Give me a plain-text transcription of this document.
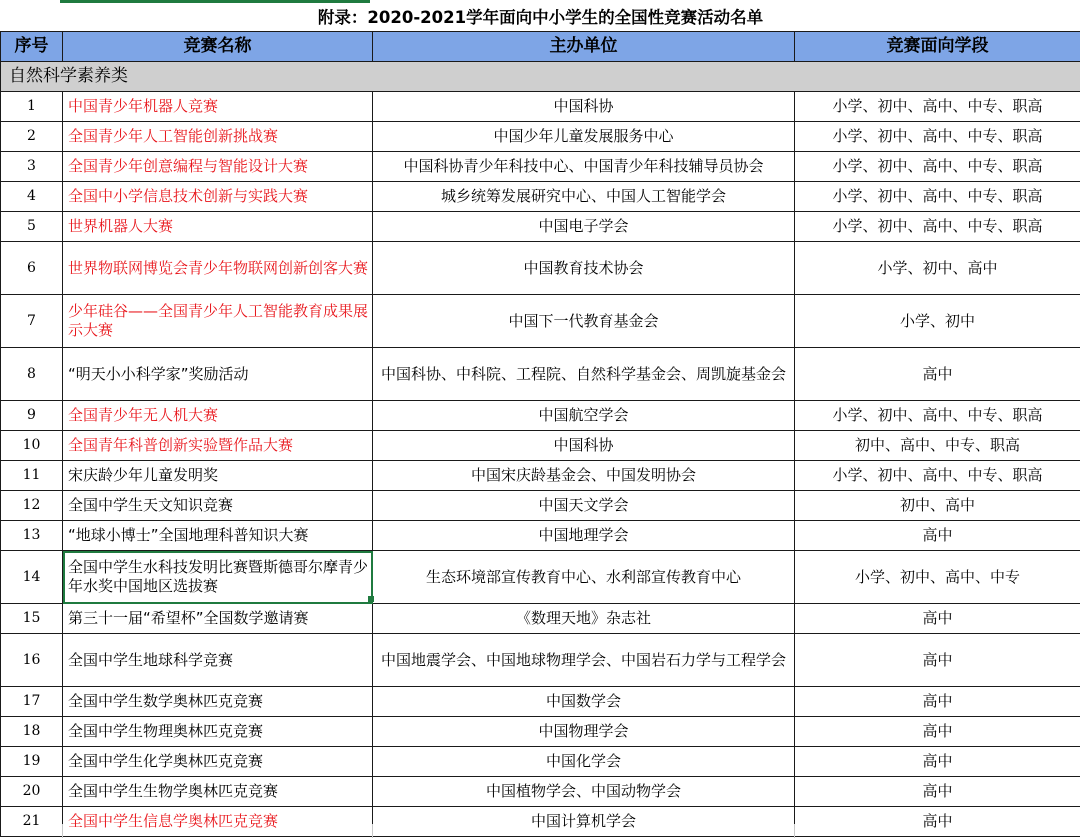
附录：2020-2021学年面向中小学生的全国性竞赛活动名单			
序号	竞赛名称	主办单位	竞赛面向学段
自然科学素养类			
1	中国青少年机器人竞赛	中国科协	小学、初中、高中、中专、职高
2	全国青少年人工智能创新挑战赛	中国少年儿童发展服务中心	小学、初中、高中、中专、职高
3	全国青少年创意编程与智能设计大赛	中国科协青少年科技中心、中国青少年科技辅导员协会	小学、初中、高中、中专、职高
4	全国中小学信息技术创新与实践大赛	城乡统筹发展研究中心、中国人工智能学会	小学、初中、高中、中专、职高
5	世界机器人大赛	中国电子学会	小学、初中、高中、中专、职高
6	世界物联网博览会青少年物联网创新创客大赛	中国教育技术协会	小学、初中、高中
7	少年硅谷——全国青少年人工智能教育成果展示大赛	中国下一代教育基金会	小学、初中
8	“明天小小科学家”奖励活动	中国科协、中科院、工程院、自然科学基金会、周凯旋基金会	高中
9	全国青少年无人机大赛	中国航空学会	小学、初中、高中、中专、职高
10	全国青年科普创新实验暨作品大赛	中国科协	初中、高中、中专、职高
11	宋庆龄少年儿童发明奖	中国宋庆龄基金会、中国发明协会	小学、初中、高中、中专、职高
12	全国中学生天文知识竞赛	中国天文学会	初中、高中
13	“地球小博士”全国地理科普知识大赛	中国地理学会	高中
14	全国中学生水科技发明比赛暨斯德哥尔摩青少年水奖中国地区选拔赛	生态环境部宣传教育中心、水利部宣传教育中心	小学、初中、高中、中专
15	第三十一届“希望杯”全国数学邀请赛	《数理天地》杂志社	高中
16	全国中学生地球科学竞赛	中国地震学会、中国地球物理学会、中国岩石力学与工程学会	高中
17	全国中学生数学奥林匹克竞赛	中国数学会	高中
18	全国中学生物理奥林匹克竞赛	中国物理学会	高中
19	全国中学生化学奥林匹克竞赛	中国化学会	高中
20	全国中学生生物学奥林匹克竞赛	中国植物学会、中国动物学会	高中
21	全国中学生信息学奥林匹克竞赛	中国计算机学会	高中
